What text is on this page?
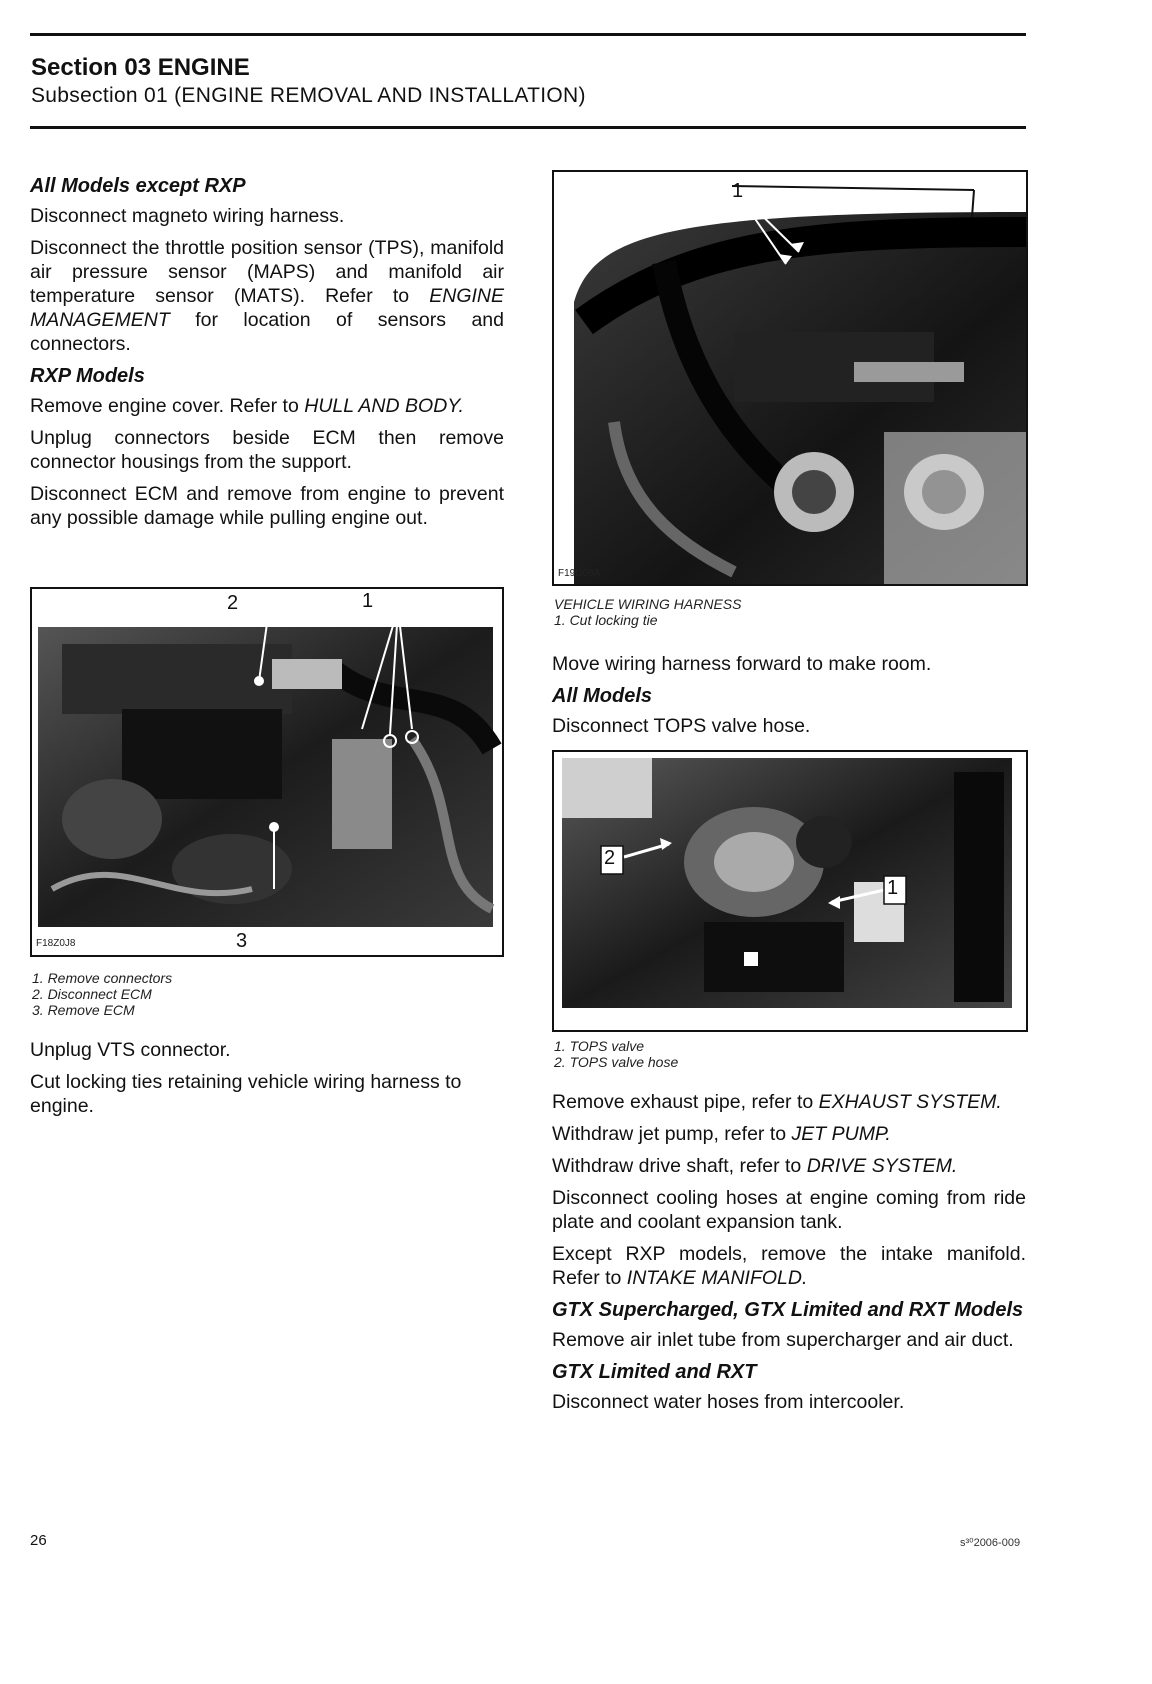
Section 03 ENGINE
Subsection 01 (ENGINE REMOVAL AND INSTALLATION)
All Models except RXP

Disconnect magneto wiring harness.

Disconnect the throttle position sensor (TPS), manifold air pressure sensor (MAPS) and manifold air temperature sensor (MATS). Refer to ENGINE MANAGEMENT for location of sensors and connectors.

RXP Models

Remove engine cover. Refer to HULL AND BODY.

Unplug connectors beside ECM then remove connector housings from the support.

Disconnect ECM and remove from engine to prevent any possible damage while pulling engine out.

2	1
3
F18Z0J8
1. Remove connectors
2. Disconnect ECM
3. Remove ECM

Unplug VTS connector.

Cut locking ties retaining vehicle wiring harness to engine.

1
F19D06A
VEHICLE WIRING HARNESS
1. Cut locking tie

Move wiring harness forward to make room.

All Models

Disconnect TOPS valve hose.

2
1
1. TOPS valve
2. TOPS valve hose

Remove exhaust pipe, refer to EXHAUST SYSTEM.

Withdraw jet pump, refer to JET PUMP.

Withdraw drive shaft, refer to DRIVE SYSTEM.

Disconnect cooling hoses at engine coming from ride plate and coolant expansion tank.

Except RXP models, remove the intake manifold. Refer to INTAKE MANIFOLD.

GTX Supercharged, GTX Limited and RXT Models

Remove air inlet tube from supercharger and air duct.

GTX Limited and RXT

Disconnect water hoses from intercooler.

26	s³⁰2006-009
